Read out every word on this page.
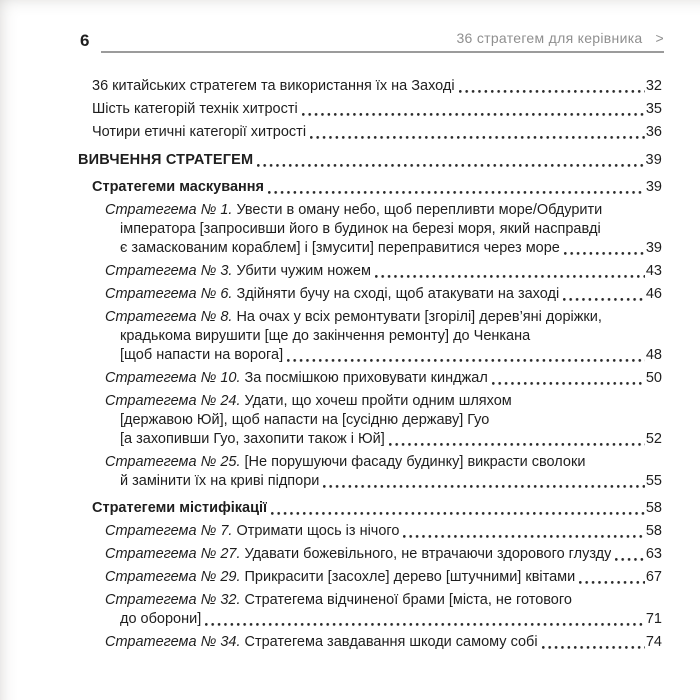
6	36 стратегем для керівника >
36 китайських стратегем та використання їх на Заході	32
Шість категорій технік хитрості	35
Чотири етичні категорії хитрості	36
ВИВЧЕННЯ СТРАТЕГЕМ	39
Стратегеми маскування	39
Стратегема № 1. Увести в оману небо, щоб перепливти море/Обдурити
імператора [запросивши його в будинок на березі моря, який насправді
є замаскованим кораблем] і [змусити] переправитися через море	39
Стратегема № 3. Убити чужим ножем	43
Стратегема № 6. Здійняти бучу на сході, щоб атакувати на заході	46
Стратегема № 8. На очах у всіх ремонтувати [згорілі] дерев’яні доріжки,
крадькома вирушити [ще до закінчення ремонту] до Ченкана
[щоб напасти на ворога]	48
Стратегема № 10. За посмішкою приховувати кинджал	50
Стратегема № 24. Удати, що хочеш пройти одним шляхом
[державою Юй], щоб напасти на [сусідню державу] Гуо
[а захопивши Гуо, захопити також і Юй]	52
Стратегема № 25. [Не порушуючи фасаду будинку] викрасти сволоки
й замінити їх на криві підпори	55
Стратегеми містифікації	58
Стратегема № 7. Отримати щось із нічого	58
Стратегема № 27. Удавати божевільного, не втрачаючи здорового глузду 63
Стратегема № 29. Прикрасити [засохле] дерево [штучними] квітами	67
Стратегема № 32. Стратегема відчиненої брами [міста, не готового
до оборони]	71
Стратегема № 34. Стратегема завдавання шкоди самому собі	74
